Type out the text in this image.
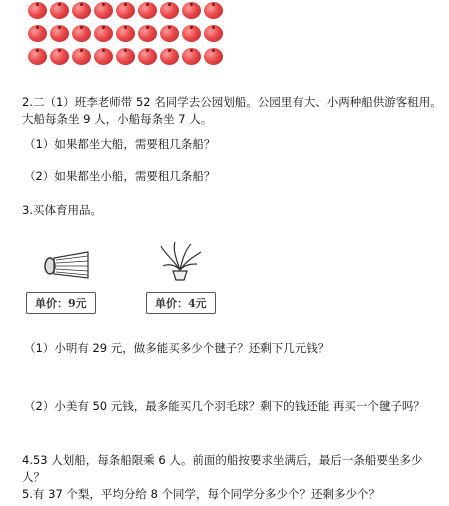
2.二（1）班李老师带 52 名同学去公园划船。公园里有大、小两种船供游客租用。大船每条坐 9 人，小船每条坐 7 人。
（1）如果都坐大船，需要租几条船？
（2）如果都坐小船，需要租几条船？
3.买体育用品。
单价：9元	单价：4元
（1）小明有 29 元，做多能买多少个毽子？还剩下几元钱？
（2）小美有 50 元钱，最多能买几个羽毛球？剩下的钱还能 再买一个毽子吗？
4.53 人划船，每条船限乘 6 人。前面的船按要求坐满后，最后一条船要坐多少人？
5.有 37 个梨，平均分给 8 个同学，每个同学分多少个？还剩多少个？
